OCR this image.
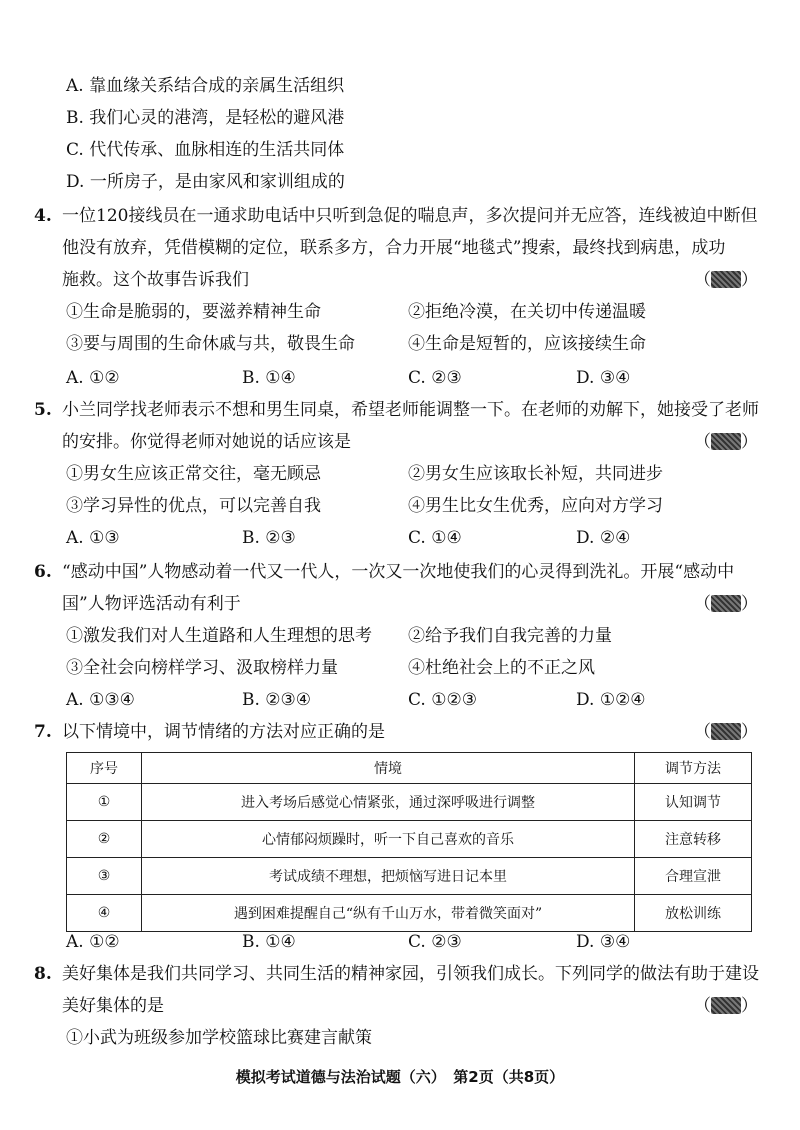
A. 靠血缘关系结合成的亲属生活组织
B. 我们心灵的港湾，是轻松的避风港
C. 代代传承、血脉相连的生活共同体
D. 一所房子，是由家风和家训组成的
4. 一位120接线员在一通求助电话中只听到急促的喘息声，多次提问并无应答，连线被迫中断但
他没有放弃，凭借模糊的定位，联系多方，合力开展“地毯式”搜索，最终找到病患，成功
施救。这个故事告诉我们	（ ）
①生命是脆弱的，要滋养精神生命	②拒绝冷漠，在关切中传递温暖
③要与周围的生命休戚与共，敬畏生命	④生命是短暂的，应该接续生命
A. ①②	B. ①④	C. ②③	D. ③④
5. 小兰同学找老师表示不想和男生同桌，希望老师能调整一下。在老师的劝解下，她接受了老师
的安排。你觉得老师对她说的话应该是	（ ）
①男女生应该正常交往，毫无顾忌	②男女生应该取长补短，共同进步
③学习异性的优点，可以完善自我	④男生比女生优秀，应向对方学习
A. ①③	B. ②③	C. ①④	D. ②④
6. “感动中国”人物感动着一代又一代人，一次又一次地使我们的心灵得到洗礼。开展“感动中
国”人物评选活动有利于	（ ）
①激发我们对人生道路和人生理想的思考 ②给予我们自我完善的力量
③全社会向榜样学习、汲取榜样力量	④杜绝社会上的不正之风
A. ①③④	B. ②③④	C. ①②③	D. ①②④
7. 以下情境中，调节情绪的方法对应正确的是	（ ）
序号	情境	调节方法
①	进入考场后感觉心情紧张，通过深呼吸进行调整	认知调节
②	心情郁闷烦躁时，听一下自己喜欢的音乐	注意转移
③	考试成绩不理想，把烦恼写进日记本里	合理宣泄
④	遇到困难提醒自己“纵有千山万水，带着微笑面对”	放松训练
A. ①②	B. ①④	C. ②③	D. ③④
8. 美好集体是我们共同学习、共同生活的精神家园，引领我们成长。下列同学的做法有助于建设
美好集体的是	（ ）
①小武为班级参加学校篮球比赛建言献策
模拟考试道德与法治试题（六）　第2页（共8页）
